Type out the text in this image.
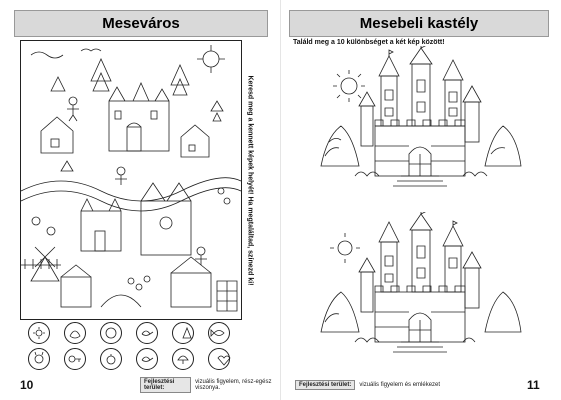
Meseváros
Keresd meg a kennett képek helyét! Ha megtaláltad, színezd ki!
10	Fejlesztési terület:
vizuális figyelem, rész-egész viszonya.
Mesebeli kastély
Találd meg a 10 különbséget a két kép között!
11
Fejlesztési terület:	vizuális figyelem és emlékezet
